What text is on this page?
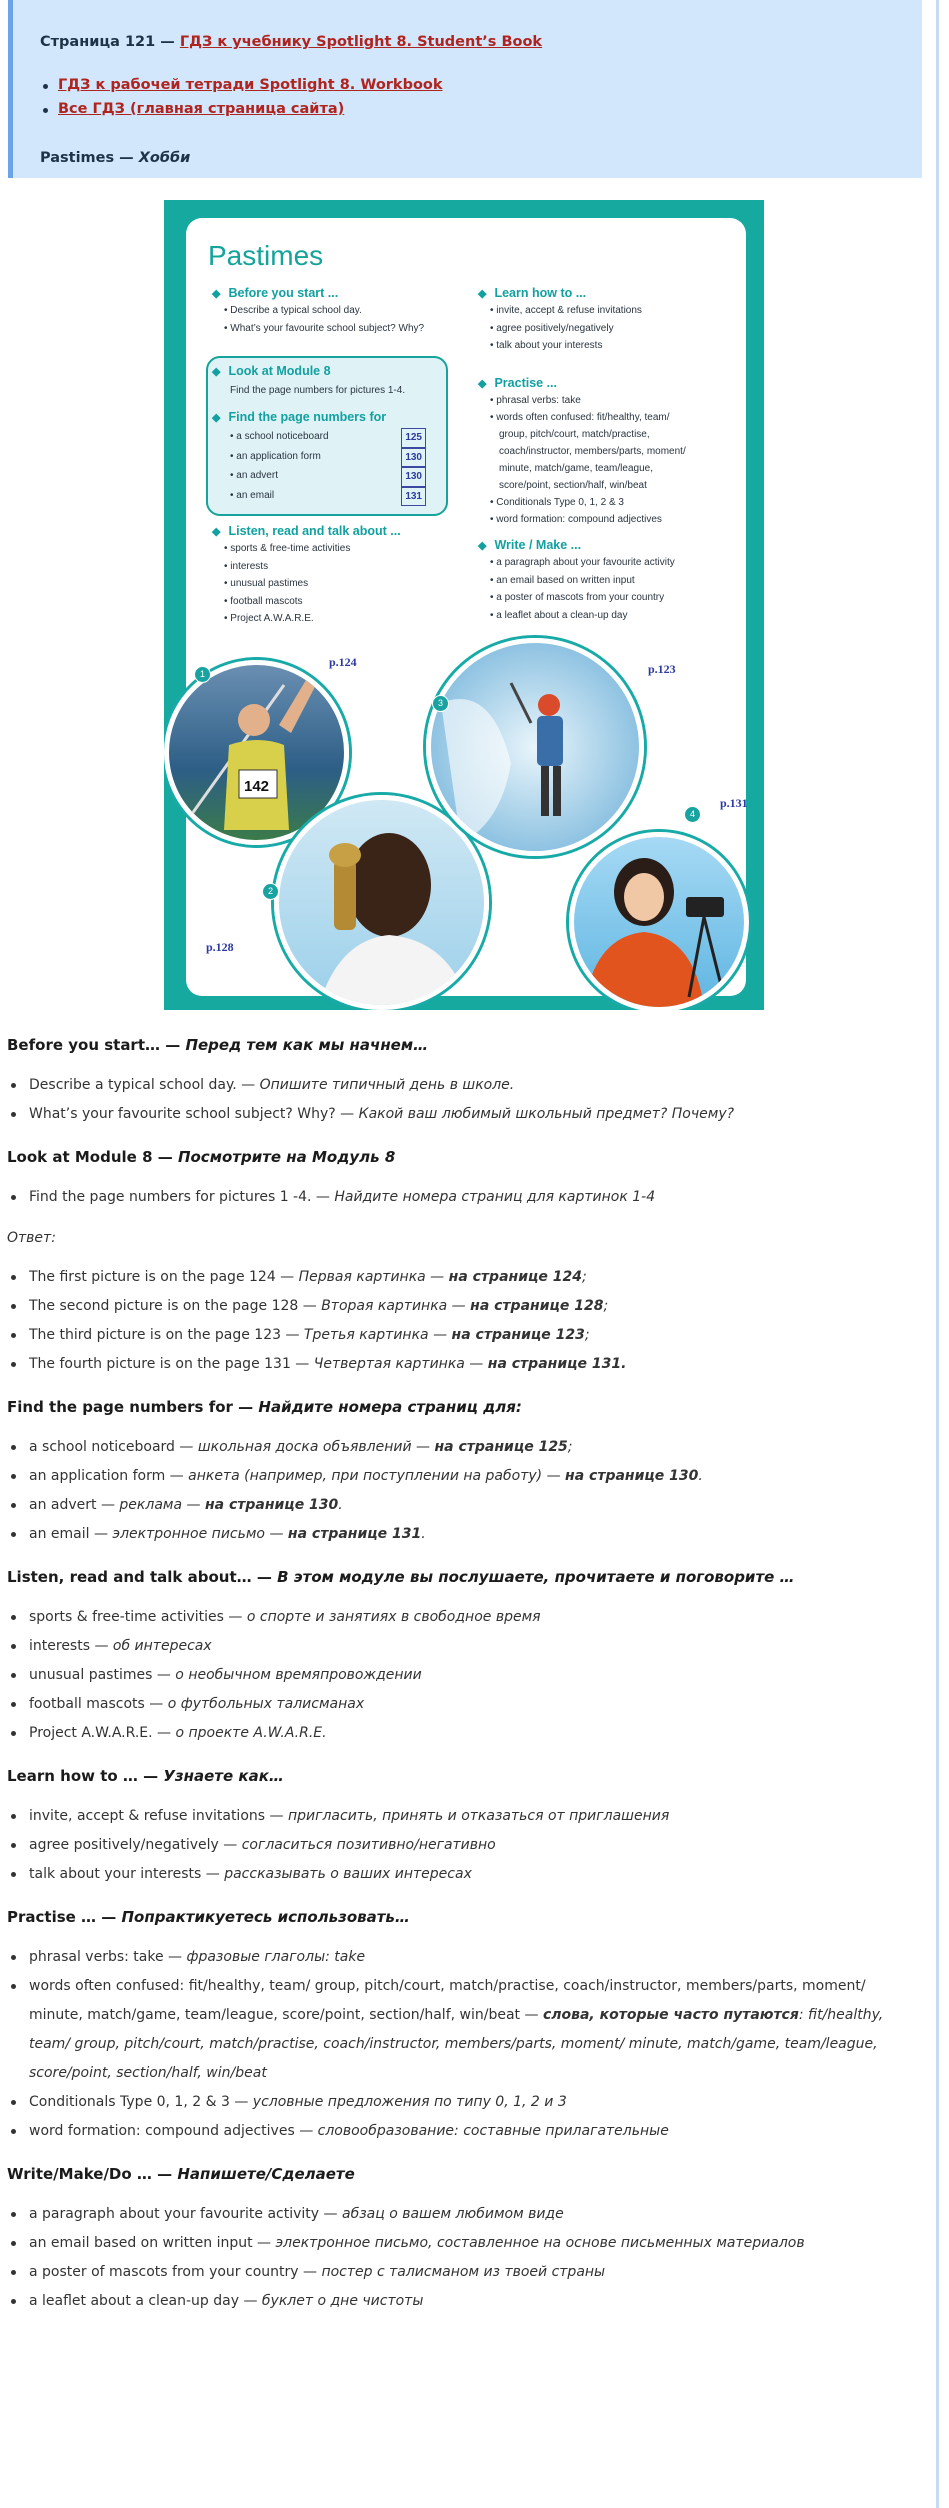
Страница 121 — ГДЗ к учебнику Spotlight 8. Student’s Book
ГДЗ к рабочей тетради Spotlight 8. Workbook
Все ГДЗ (главная страница сайта)
Pastimes — Хобби
Pastimes
◆ Before you start ...
• Describe a typical school day.
• What’s your favourite school subject? Why?
◆ Look at Module 8
Find the page numbers for pictures 1-4.
◆ Find the page numbers for
• a school noticeboard	125
• an application form	130
• an advert	130
• an email	131
◆ Listen, read and talk about ...
• sports & free-time activities
• interests
• unusual pastimes
• football mascots
• Project A.W.A.R.E.
◆ Learn how to ...
• invite, accept & refuse invitations
• agree positively/negatively
• talk about your interests
◆ Practise ...
• phrasal verbs: take
• words often confused: fit/healthy, team/
group, pitch/court, match/practise,
coach/instructor, members/parts, moment/
minute, match/game, team/league,
score/point, section/half, win/beat
• Conditionals Type 0, 1, 2 & 3
• word formation: compound adjectives
◆ Write / Make ...
• a paragraph about your favourite activity
• an email based on written input
• a poster of mascots from your country
• a leaflet about a clean-up day
142
p.124	p.123
p.131
p.128
1
2
3
4
Before you start… — Перед тем как мы начнем…
Describe a typical school day. — Опишите типичный день в школе.
What’s your favourite school subject? Why? — Какой ваш любимый школьный предмет? Почему?
Look at Module 8 — Посмотрите на Модуль 8
Find the page numbers for pictures 1 -4. — Найдите номера страниц для картинок 1-4
Ответ:
The first picture is on the page 124 — Первая картинка — на странице 124;
The second picture is on the page 128 — Вторая картинка — на странице 128;
The third picture is on the page 123 — Третья картинка — на странице 123;
The fourth picture is on the page 131 — Четвертая картинка — на странице 131.
Find the page numbers for — Найдите номера страниц для:
a school noticeboard — школьная доска объявлений — на странице 125;
an application form — анкета (например, при поступлении на работу) — на странице 130.
an advert — реклама — на странице 130.
an email — электронное письмо — на странице 131.
Listen, read and talk about… — В этом модуле вы послушаете, прочитаете и поговорите …
sports & free-time activities — о спорте и занятиях в свободное время
interests — об интересах
unusual pastimes — о необычном времяпровождении
football mascots — о футбольных талисманах
Project A.W.A.R.E. — о проекте A.W.A.R.E.
Learn how to … — Узнаете как…
invite, accept & refuse invitations — пригласить, принять и отказаться от приглашения
agree positively/negatively — согласиться позитивно/негативно
talk about your interests — рассказывать о ваших интересах
Practise … — Попрактикуетесь использовать…
phrasal verbs: take — фразовые глаголы: take
words often confused: fit/healthy, team/ group, pitch/court, match/practise, coach/instructor, members/parts, moment/ minute, match/game, team/league, score/point, section/half, win/beat — слова, которые часто путаются: fit/healthy, team/ group, pitch/court, match/practise, coach/instructor, members/parts, moment/ minute, match/game, team/league, score/point, section/half, win/beat
Conditionals Type 0, 1, 2 & 3 — условные предложения по типу 0, 1, 2 и 3
word formation: compound adjectives — словообразование: составные прилагательные
Write/Make/Do … — Напишете/Сделаете
a paragraph about your favourite activity — абзац о вашем любимом виде
an email based on written input — электронное письмо, составленное на основе письменных материалов
a poster of mascots from your country — постер с талисманом из твоей страны
a leaflet about a clean-up day — буклет о дне чистоты
